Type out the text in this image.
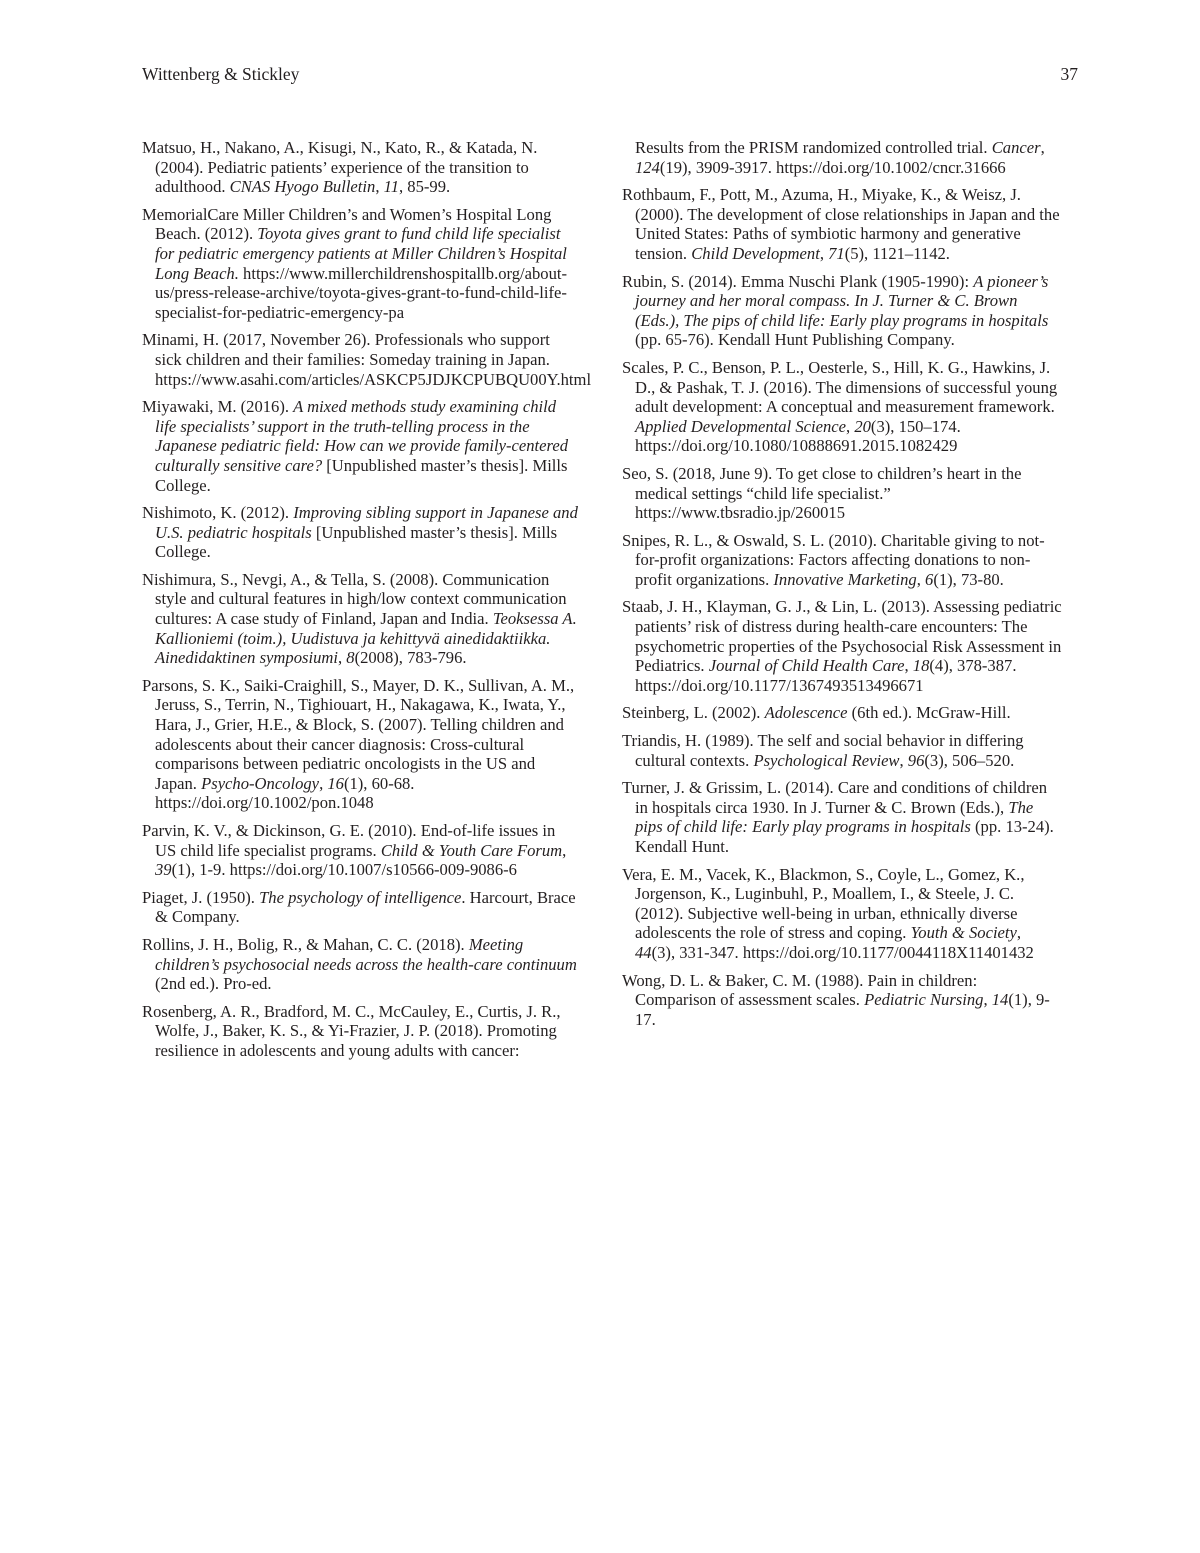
Wittenberg & Stickley	37

Matsuo, H., Nakano, A., Kisugi, N., Kato, R., & Katada, N. (2004). Pediatric patients’ experience of the transition to adulthood. CNAS Hyogo Bulletin, 11, 85-99.

MemorialCare Miller Children’s and Women’s Hospital Long Beach. (2012). Toyota gives grant to fund child life specialist for pediatric emergency patients at Miller Children’s Hospital Long Beach. https://www.millerchildrenshospitallb.org/about-us/press-release-archive/toyota-gives-grant-to-fund-child-life-specialist-for-pediatric-emergency-pa

Minami, H. (2017, November 26). Professionals who support sick children and their families: Someday training in Japan. https://www.asahi.com/articles/ASKCP5JDJKCPUBQU00Y.html

Miyawaki, M. (2016). A mixed methods study examining child life specialists’ support in the truth-telling process in the Japanese pediatric field: How can we provide family-centered culturally sensitive care? [Unpublished master’s thesis]. Mills College.

Nishimoto, K. (2012). Improving sibling support in Japanese and U.S. pediatric hospitals [Unpublished master’s thesis]. Mills College.

Nishimura, S., Nevgi, A., & Tella, S. (2008). Communication style and cultural features in high/low context communication cultures: A case study of Finland, Japan and India. Teoksessa A. Kallioniemi (toim.), Uudistuva ja kehittyvä ainedidaktiikka. Ainedidaktinen symposiumi, 8(2008), 783-796.

Parsons, S. K., Saiki-Craighill, S., Mayer, D. K., Sullivan, A. M., Jeruss, S., Terrin, N., Tighiouart, H., Nakagawa, K., Iwata, Y., Hara, J., Grier, H.E., & Block, S. (2007). Telling children and adolescents about their cancer diagnosis: Cross-cultural comparisons between pediatric oncologists in the US and Japan. Psycho-Oncology, 16(1), 60-68. https://doi.org/10.1002/pon.1048

Parvin, K. V., & Dickinson, G. E. (2010). End-of-life issues in US child life specialist programs. Child & Youth Care Forum, 39(1), 1-9. https://doi.org/10.1007/s10566-009-9086-6

Piaget, J. (1950). The psychology of intelligence. Harcourt, Brace & Company.

Rollins, J. H., Bolig, R., & Mahan, C. C. (2018). Meeting children’s psychosocial needs across the health-care continuum (2nd ed.). Pro-ed.

Rosenberg, A. R., Bradford, M. C., McCauley, E., Curtis, J. R., Wolfe, J., Baker, K. S., & Yi-Frazier, J. P. (2018). Promoting resilience in adolescents and young adults with cancer:

Results from the PRISM randomized controlled trial. Cancer, 124(19), 3909-3917. https://doi.org/10.1002/cncr.31666

Rothbaum, F., Pott, M., Azuma, H., Miyake, K., & Weisz, J. (2000). The development of close relationships in Japan and the United States: Paths of symbiotic harmony and generative tension. Child Development, 71(5), 1121–1142.

Rubin, S. (2014). Emma Nuschi Plank (1905-1990): A pioneer’s journey and her moral compass. In J. Turner & C. Brown (Eds.), The pips of child life: Early play programs in hospitals (pp. 65-76). Kendall Hunt Publishing Company.

Scales, P. C., Benson, P. L., Oesterle, S., Hill, K. G., Hawkins, J. D., & Pashak, T. J. (2016). The dimensions of successful young adult development: A conceptual and measurement framework. Applied Developmental Science, 20(3), 150–174. https://doi.org/10.1080/10888691.2015.1082429

Seo, S. (2018, June 9). To get close to children’s heart in the medical settings “child life specialist.” https://www.tbsradio.jp/260015

Snipes, R. L., & Oswald, S. L. (2010). Charitable giving to not-for-profit organizations: Factors affecting donations to non-profit organizations. Innovative Marketing, 6(1), 73-80.

Staab, J. H., Klayman, G. J., & Lin, L. (2013). Assessing pediatric patients’ risk of distress during health-care encounters: The psychometric properties of the Psychosocial Risk Assessment in Pediatrics. Journal of Child Health Care, 18(4), 378-387. https://doi.org/10.1177/1367493513496671

Steinberg, L. (2002). Adolescence (6th ed.). McGraw-Hill.

Triandis, H. (1989). The self and social behavior in differing cultural contexts. Psychological Review, 96(3), 506–520.

Turner, J. & Grissim, L. (2014). Care and conditions of children in hospitals circa 1930. In J. Turner & C. Brown (Eds.), The pips of child life: Early play programs in hospitals (pp. 13-24). Kendall Hunt.

Vera, E. M., Vacek, K., Blackmon, S., Coyle, L., Gomez, K., Jorgenson, K., Luginbuhl, P., Moallem, I., & Steele, J. C. (2012). Subjective well-being in urban, ethnically diverse adolescents the role of stress and coping. Youth & Society, 44(3), 331-347. https://doi.org/10.1177/0044118X11401432

Wong, D. L. & Baker, C. M. (1988). Pain in children: Comparison of assessment scales. Pediatric Nursing, 14(1), 9-17.
